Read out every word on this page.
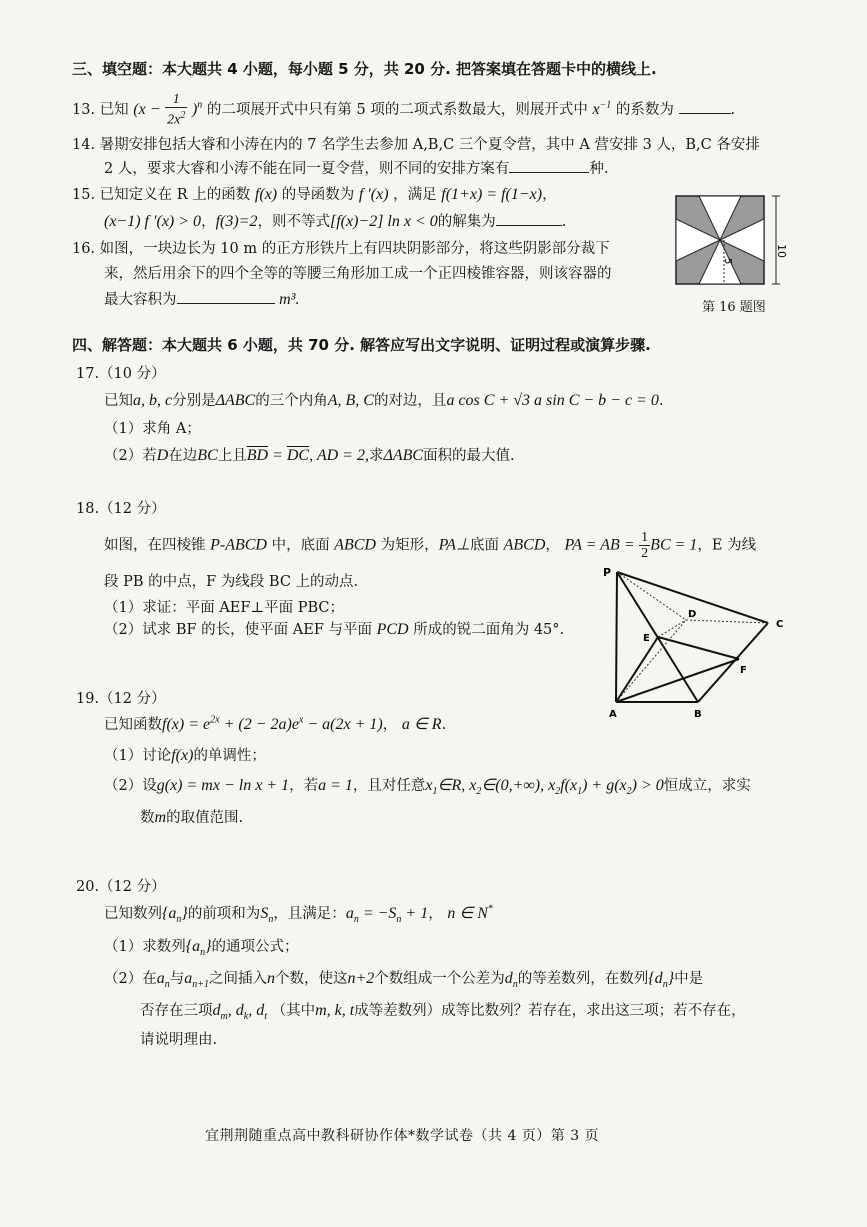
三、填空题：本大题共 4 小题，每小题 5 分，共 20 分. 把答案填在答题卡中的横线上.
13. 已知 $(x - \frac{1}{2x^2} )^n$ 的二项展开式中只有第 5 项的二项式系数最大，则展开式中 $x^{-1}$ 的系数为	.
14. 暑期安排包括大睿和小涛在内的 7 名学生去参加 A,B,C 三个夏令营，其中 A 营安排 3 人，B,C 各安排
2 人，要求大睿和小涛不能在同一夏令营，则不同的安排方案有	种.
15. 已知定义在 R 上的函数 f(x) 的导函数为 f ′(x) ，满足 f(1+x) = f(1−x)，
(x−1) f ′(x) > 0，f(3)=2，则不等式[f(x)−2] ln x < 0的解集为	.
16. 如图，一块边长为 10 m 的正方形铁片上有四块阴影部分，将这些阴影部分裁下
来，然后用余下的四个全等的等腰三角形加工成一个正四棱锥容器，则该容器的
最大容积为	m³.
10
5
第 16 题图
四、解答题：本大题共 6 小题，共 70 分. 解答应写出文字说明、证明过程或演算步骤.
17.（10 分）
已知a, b, c分别是ΔABC的三个内角A, B, C的对边，且a cos C + √3 a sin C − b − c = 0.
（1）求角 A；
（2）若D在边BC上且$\overline{BD} = \overline{DC}$, AD = 2,求ΔABC面积的最大值.
18.（12 分）
如图，在四棱锥 P-ABCD 中，底面 ABCD 为矩形，PA⊥底面 ABCD， PA = AB = $\frac{1}{2}$ BC = 1，E 为线
段 PB 的中点，F 为线段 BC 上的动点.
（1）求证：平面 AEF⊥平面 PBC；
（2）试求 BF 的长，使平面 AEF 与平面 PCD 所成的锐二面角为 45°.
P
D
C
E
F
A	B
19.（12 分）
已知函数$f(x) = e^{2x} + (2 - 2a)e^x - a(2x + 1)$， a ∈ R.
（1）讨论f(x)的单调性；
（2）设g(x) = mx − ln x + 1，若a = 1，且对任意$x_1\in R$, $x_2\in(0,+\infty)$, $x_2f(x_1) + g(x_2) > 0$恒成立，求实
数m的取值范围.
20.（12 分）
已知数列$\{a_n\}$的前项和为$S_n$，且满足：$a_n = -S_n + 1$， n ∈ N*
（1）求数列$\{a_n\}$的通项公式；
（2）在$a_n$与$a_{n+1}$之间插入n个数，使这n+2个数组成一个公差为$d_n$的等差数列，在数列$\{d_n\}$中是
否存在三项$d_m$, $d_k$, $d_t$ （其中m, k, t成等差数列）成等比数列？若存在，求出这三项；若不存在，
请说明理由.
宜荆荆随重点高中教科研协作体*数学试卷（共 4 页）第 3 页
